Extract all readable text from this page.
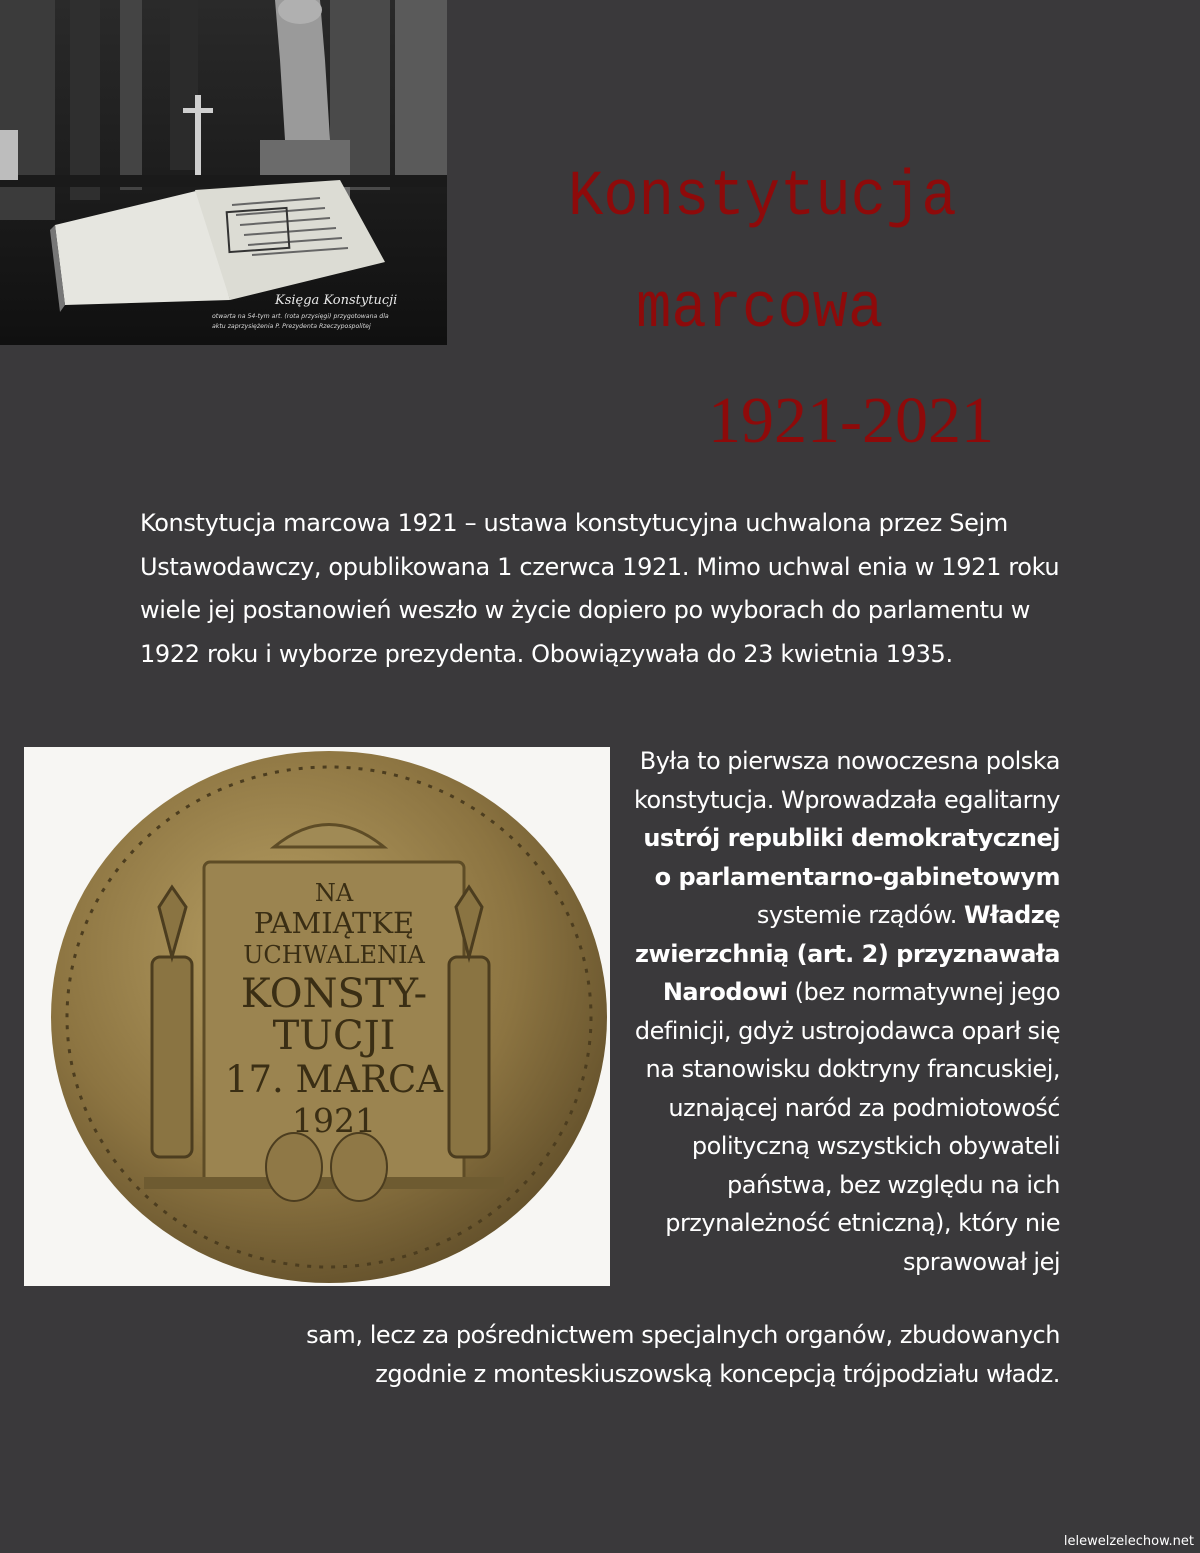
Księga Konstytucji
otwarta na 54-tym art. (rota przysięgi) przygotowana dla
aktu zaprzysiężenia P. Prezydenta Rzeczypospolitej
Konstytucja
marcowa
1921-2021

Konstytucja marcowa 1921 – ustawa konstytucyjna uchwalona przez Sejm Ustawodawczy, opublikowana 1 czerwca 1921. Mimo uchwal enia w 1921 roku wiele jej postanowień weszło w życie dopiero po wyborach do parlamentu w 1922 roku i wyborze prezydenta. Obowiązywała do 23 kwietnia 1935.

NA
PAMIĄTKĘ
UCHWALENIA
KONSTY-
TUCJI
17. MARCA
1921

Była to pierwsza nowoczesna polska konstytucja. Wprowadzała egalitarny ustrój republiki demokratycznej o parlamentarno-gabinetowym systemie rządów. Władzę zwierzchnią (art. 2) przyznawała Narodowi (bez normatywnej jego definicji, gdyż ustrojodawca oparł się na stanowisku doktryny francuskiej, uznającej naród za podmiotowość polityczną wszystkich obywateli państwa, bez względu na ich przynależność etniczną), który nie sprawował jej

sam, lecz za pośrednictwem specjalnych organów, zbudowanych

zgodnie z monteskiuszowską koncepcją trójpodziału władz.

lelewelzelechow.net
